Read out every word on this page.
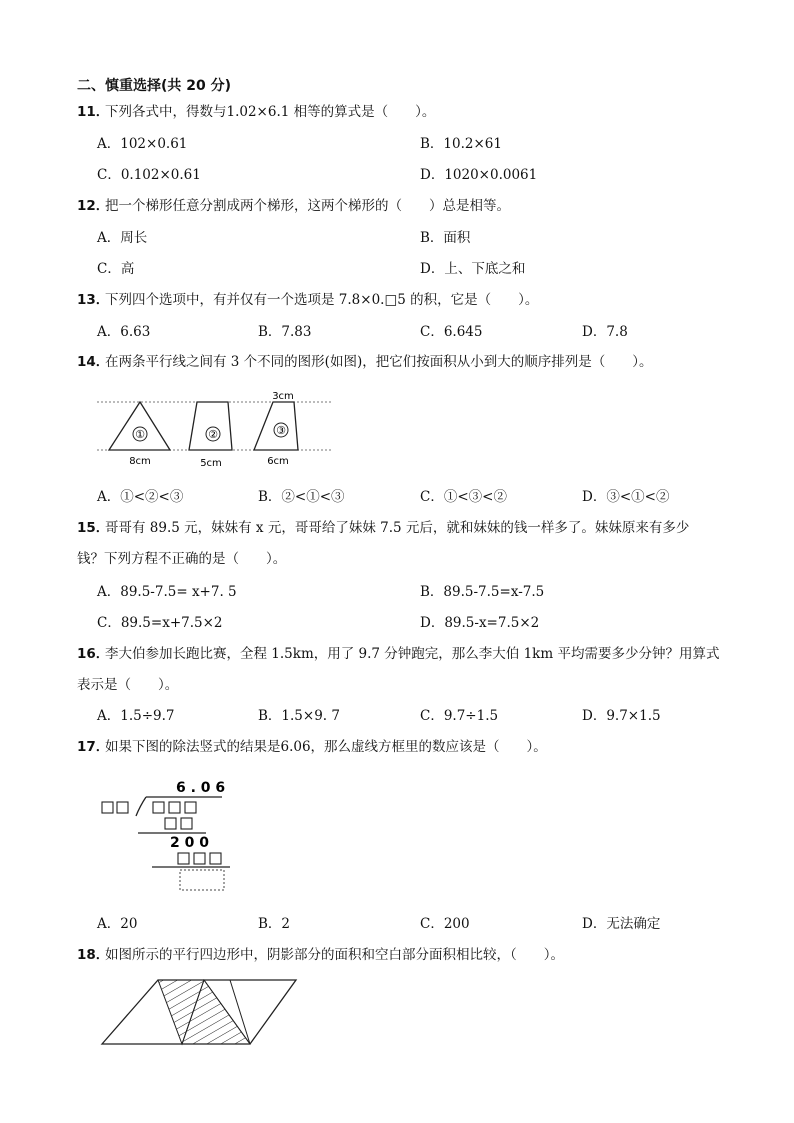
二、慎重选择(共 20 分)
11．
下列各式中，得数与1.02×6.1 相等的算式是（　　）。
A．102×0.61	B．10.2×61
C．0.102×0.61	D．1020×0.0061
12．
把一个梯形任意分割成两个梯形，这两个梯形的（　　）总是相等。
A．周长	B．面积
C．高	D．上、下底之和
13．
下列四个选项中，有并仅有一个选项是 7.8×0.□5 的积，它是（　　）。
A．6.63	B．7.83	C．6.645	D．7.8
14．
在两条平行线之间有 3 个不同的图形(如图)，把它们按面积从小到大的顺序排列是（　　）。
①	②	③
3cm
8cm	5cm	6cm
A．①<②<③	B．②<①<③	C．①<③<②	D．③<①<②
15．
哥哥有 89.5 元，妹妹有 x 元，哥哥给了妹妹 7.5 元后，就和妹妹的钱一样多了。妹妹原来有多少
钱？下列方程不正确的是（　　）。
A．89.5-7.5= x+7. 5	B．89.5-7.5=x-7.5
C．89.5=x+7.5×2	D．89.5-x=7.5×2
16．
李大伯参加长跑比赛，全程 1.5km，用了 9.7 分钟跑完，那么李大伯 1km 平均需要多少分钟？用算式
表示是（　　）。
A．1.5÷9.7	B．1.5×9. 7	C．9.7÷1.5	D．9.7×1.5
17．
如果下图的除法竖式的结果是6.06，那么虚线方框里的数应该是（　　）。
6 . 0 6
2 0 0
A．20	B．2	C．200	D．无法确定
18．
如图所示的平行四边形中，阴影部分的面积和空白部分面积相比较，（　　）。
